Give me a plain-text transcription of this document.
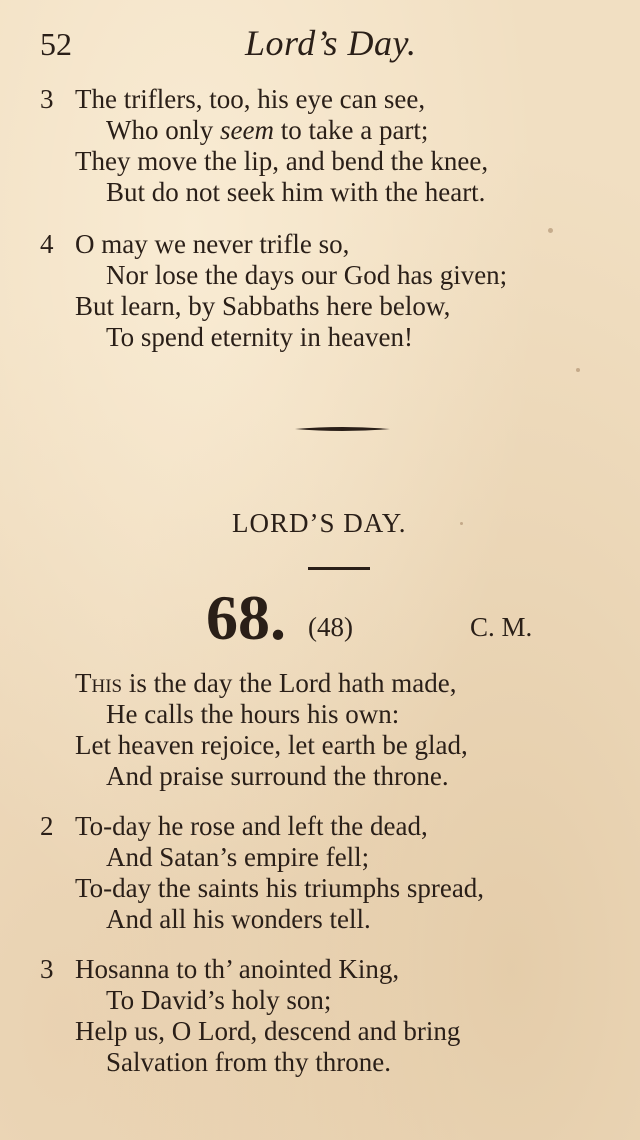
52	Lord’s Day.
3 The triflers, too, his eye can see,
Who only seem to take a part;
They move the lip, and bend the knee,
But do not seek him with the heart.
4 O may we never trifle so,
Nor lose the days our God has given;
But learn, by Sabbaths here below,
To spend eternity in heaven!
LORD’S DAY.
68. (48)	C. M.
This is the day the Lord hath made,
He calls the hours his own:
Let heaven rejoice, let earth be glad,
And praise surround the throne.
2 To-day he rose and left the dead,
And Satan’s empire fell;
To-day the saints his triumphs spread,
And all his wonders tell.
3 Hosanna to th’ anointed King,
To David’s holy son;
Help us, O Lord, descend and bring
Salvation from thy throne.
